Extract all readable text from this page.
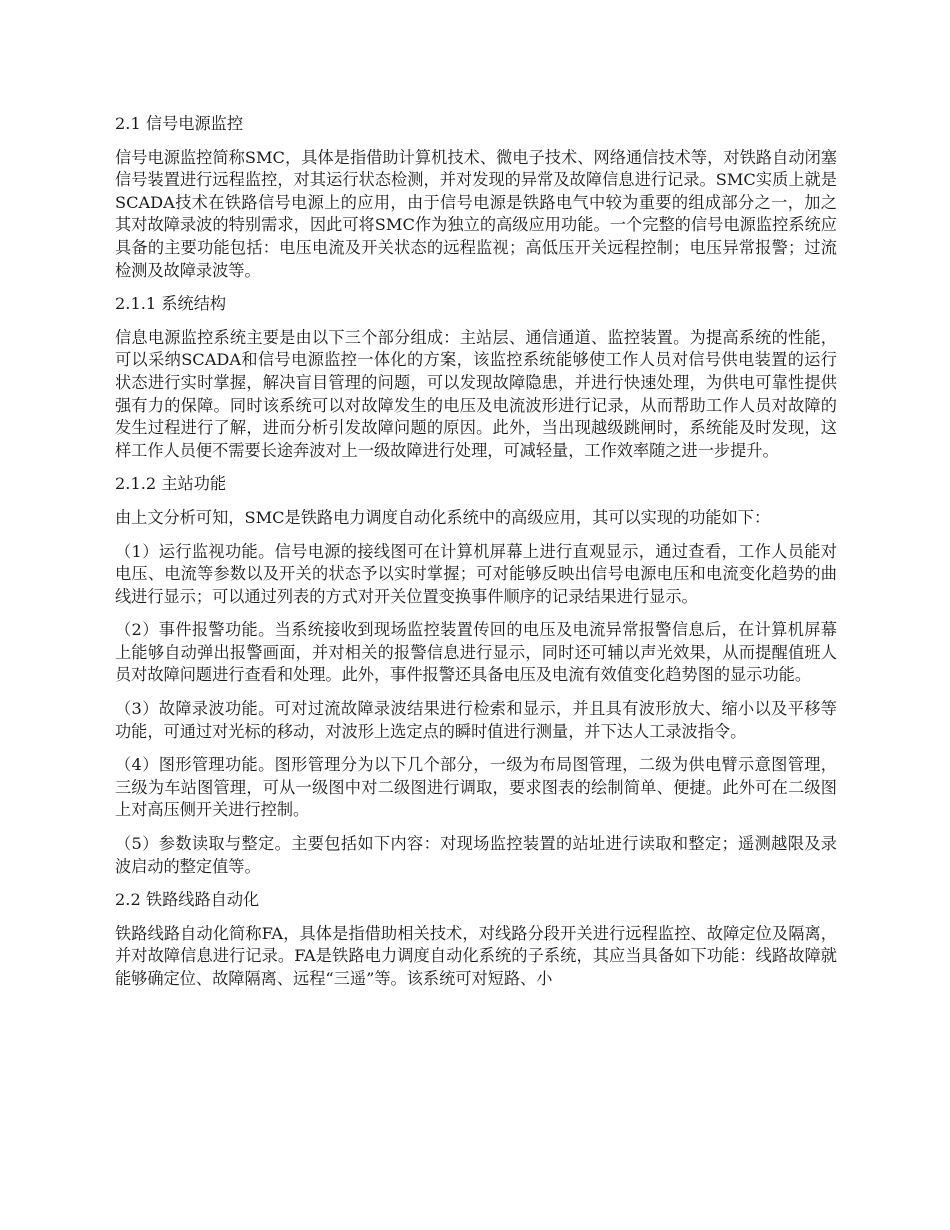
2.1 信号电源监控

信号电源监控简称SMC，具体是指借助计算机技术、微电子技术、网络通信技术等，对铁路自动闭塞信号装置进行远程监控，对其运行状态检测，并对发现的异常及故障信息进行记录。SMC实质上就是SCADA技术在铁路信号电源上的应用，由于信号电源是铁路电气中较为重要的组成部分之一，加之其对故障录波的特别需求，因此可将SMC作为独立的高级应用功能。一个完整的信号电源监控系统应具备的主要功能包括：电压电流及开关状态的远程监视；高低压开关远程控制；电压异常报警；过流检测及故障录波等。

2.1.1 系统结构

信息电源监控系统主要是由以下三个部分组成：主站层、通信通道、监控装置。为提高系统的性能，可以采纳SCADA和信号电源监控一体化的方案，该监控系统能够使工作人员对信号供电装置的运行状态进行实时掌握，解决盲目管理的问题，可以发现故障隐患，并进行快速处理，为供电可靠性提供强有力的保障。同时该系统可以对故障发生的电压及电流波形进行记录，从而帮助工作人员对故障的发生过程进行了解，进而分析引发故障问题的原因。此外，当出现越级跳闸时，系统能及时发现，这样工作人员便不需要长途奔波对上一级故障进行处理，可减轻量，工作效率随之进一步提升。

2.1.2 主站功能

由上文分析可知，SMC是铁路电力调度自动化系统中的高级应用，其可以实现的功能如下：

（1）运行监视功能。信号电源的接线图可在计算机屏幕上进行直观显示，通过查看，工作人员能对电压、电流等参数以及开关的状态予以实时掌握；可对能够反映出信号电源电压和电流变化趋势的曲线进行显示；可以通过列表的方式对开关位置变换事件顺序的记录结果进行显示。

（2）事件报警功能。当系统接收到现场监控装置传回的电压及电流异常报警信息后，在计算机屏幕上能够自动弹出报警画面，并对相关的报警信息进行显示，同时还可辅以声光效果，从而提醒值班人员对故障问题进行查看和处理。此外，事件报警还具备电压及电流有效值变化趋势图的显示功能。

（3）故障录波功能。可对过流故障录波结果进行检索和显示，并且具有波形放大、缩小以及平移等功能，可通过对光标的移动，对波形上选定点的瞬时值进行测量，并下达人工录波指令。

（4）图形管理功能。图形管理分为以下几个部分，一级为布局图管理，二级为供电臂示意图管理，三级为车站图管理，可从一级图中对二级图进行调取，要求图表的绘制简单、便捷。此外可在二级图上对高压侧开关进行控制。

（5）参数读取与整定。主要包括如下内容：对现场监控装置的站址进行读取和整定；遥测越限及录波启动的整定值等。

2.2 铁路线路自动化

铁路线路自动化简称FA，具体是指借助相关技术，对线路分段开关进行远程监控、故障定位及隔离，并对故障信息进行记录。FA是铁路电力调度自动化系统的子系统，其应当具备如下功能：线路故障就能够确定位、故障隔离、远程“三遥”等。该系统可对短路、小
